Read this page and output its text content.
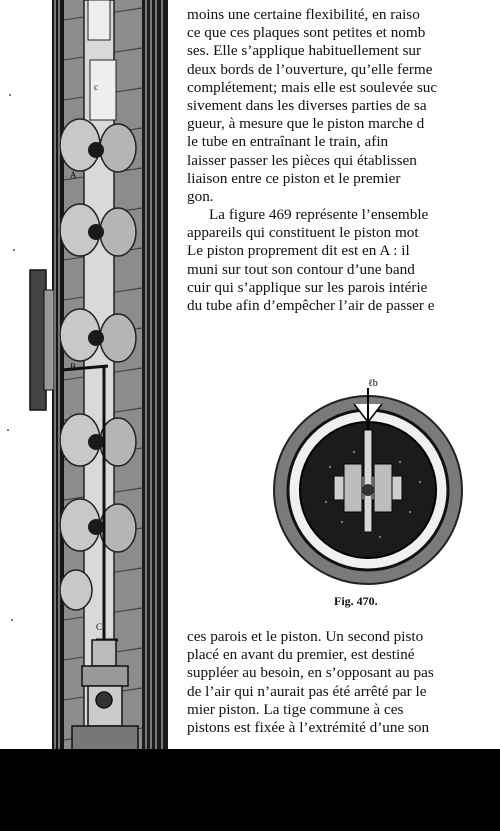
c
A
B
C
moins une certaine flexibilité, en raiso
ce que ces plaques sont petites et nomb
ses. Elle s’applique habituellement sur
deux bords de l’ouverture, qu’elle ferme
complétement; mais elle est soulevée suc
sivement dans les diverses parties de sa
gueur, à mesure que le piston marche d
le tube en entraînant le train, afin
laisser passer les pièces qui établissen
liaison entre ce piston et le premier
gon.
La figure 469 représente l’ensemble
appareils qui constituent le piston mot
Le piston proprement dit est en A : il
muni sur tout son contour d’une band
cuir qui s’applique sur les parois intérie
du tube afin d’empêcher l’air de passer e
ℓb
Fig. 470.
ces parois et le piston. Un second pisto
placé en avant du premier, est destiné
suppléer au besoin, en s’opposant au pas
de l’air qui n’aurait pas été arrêté par le
mier piston. La tige commune à ces
pistons est fixée à l’extrémité d’une son
